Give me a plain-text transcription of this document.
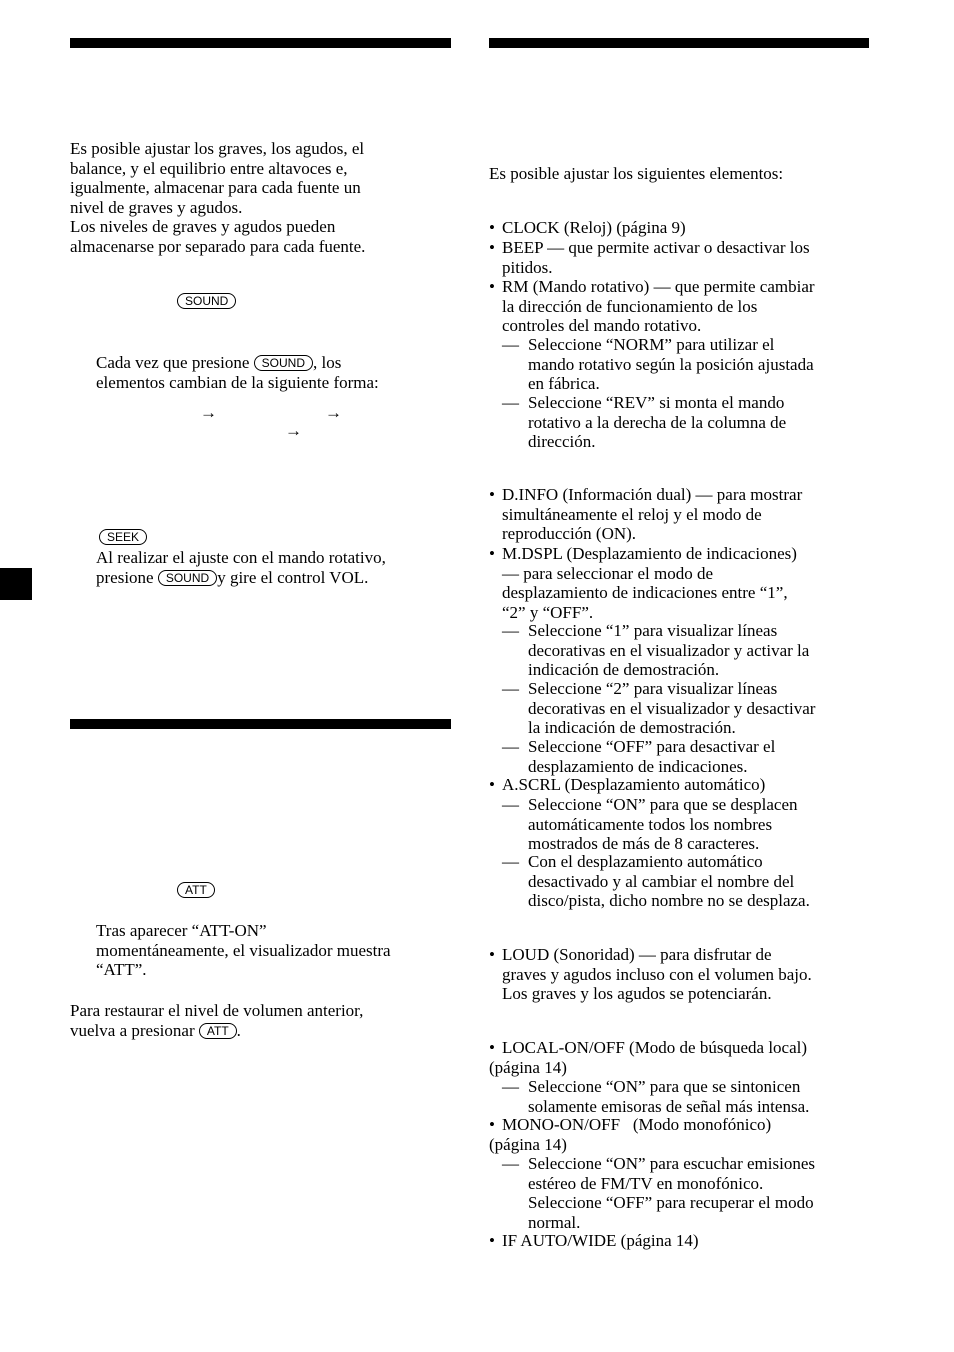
Es posible ajustar los graves, los agudos, el
balance, y el equilibrio entre altavoces e,
igualmente, almacenar para cada fuente un
nivel de graves y agudos.
Los niveles de graves y agudos pueden
almacenarse por separado para cada fuente.
SOUND
Cada vez que presione SOUND , los
elementos cambian de la siguiente forma:
→	→
→
SEEK
Al realizar el ajuste con el mando rotativo,
presione SOUND y gire el control VOL.
ATT
Tras aparecer “ATT-ON”
momentáneamente, el visualizador muestra
“ATT”.
Para restaurar el nivel de volumen anterior,
vuelva a presionar ATT .
Es posible ajustar los siguientes elementos:
• CLOCK (Reloj) (página 9)
• BEEP — que permite activar o desactivar los
pitidos.
• RM (Mando rotativo) — que permite cambiar
la dirección de funcionamiento de los
controles del mando rotativo.
— Seleccione “NORM” para utilizar el
mando rotativo según la posición ajustada
en fábrica.
— Seleccione “REV” si monta el mando
rotativo a la derecha de la columna de
dirección.
• D.INFO (Información dual) — para mostrar
simultáneamente el reloj y el modo de
reproducción (ON).
• M.DSPL (Desplazamiento de indicaciones)
— para seleccionar el modo de
desplazamiento de indicaciones entre “1”,
“2” y “OFF”.
— Seleccione “1” para visualizar líneas
decorativas en el visualizador y activar la
indicación de demostración.
— Seleccione “2” para visualizar líneas
decorativas en el visualizador y desactivar
la indicación de demostración.
— Seleccione “OFF” para desactivar el
desplazamiento de indicaciones.
• A.SCRL (Desplazamiento automático)
— Seleccione “ON” para que se desplacen
automáticamente todos los nombres
mostrados de más de 8 caracteres.
— Con el desplazamiento automático
desactivado y al cambiar el nombre del
disco/pista, dicho nombre no se desplaza.
• LOUD (Sonoridad) — para disfrutar de
graves y agudos incluso con el volumen bajo.
Los graves y los agudos se potenciarán.
• LOCAL-ON/OFF (Modo de búsqueda local)
(página 14)
— Seleccione “ON” para que se sintonicen
solamente emisoras de señal más intensa.
• MONO-ON/OFF   (Modo monofónico)
(página 14)
— Seleccione “ON” para escuchar emisiones
estéreo de FM/TV en monofónico.
Seleccione “OFF” para recuperar el modo
normal.
• IF AUTO/WIDE (página 14)
